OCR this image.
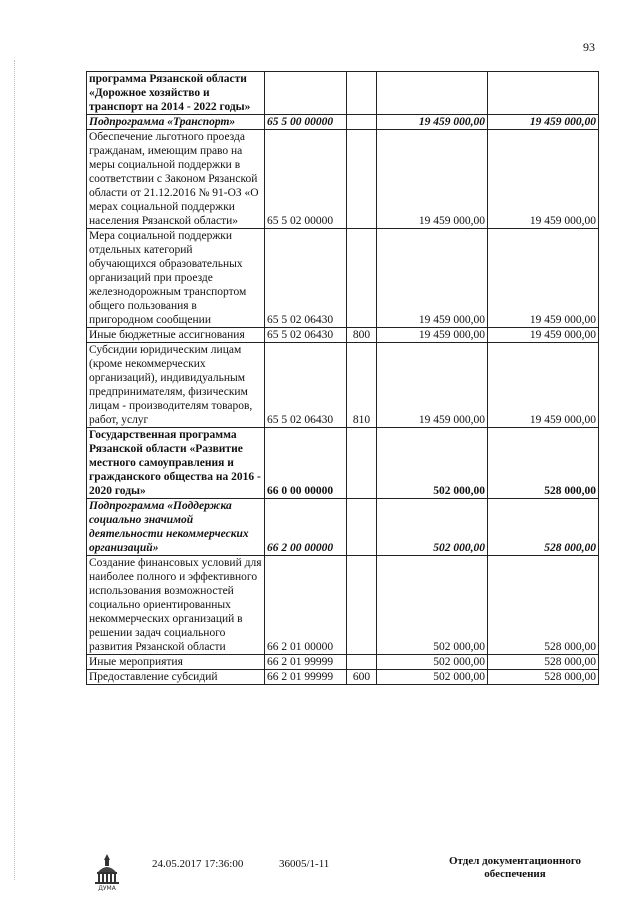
93
программа Рязанской области «Дорожное хозяйство и транспорт на 2014 - 2022 годы»				
Подпрограмма «Транспорт»	65 5 00 00000		19 459 000,00	19 459 000,00
Обеспечение льготного проезда гражданам, имеющим право на меры социальной поддержки в соответствии с Законом Рязанской области от 21.12.2016 № 91-ОЗ «О мерах социальной поддержки населения Рязанской области»	65 5 02 00000		19 459 000,00	19 459 000,00
Мера социальной поддержки отдельных категорий обучающихся образовательных организаций при проезде железнодорожным транспортом общего пользования в пригородном сообщении	65 5 02 06430		19 459 000,00	19 459 000,00
Иные бюджетные ассигнования	65 5 02 06430	800	19 459 000,00	19 459 000,00
Субсидии юридическим лицам (кроме некоммерческих организаций), индивидуальным предпринимателям, физическим лицам - производителям товаров, работ, услуг	65 5 02 06430	810	19 459 000,00	19 459 000,00
Государственная программа Рязанской области «Развитие местного самоуправления и гражданского общества на 2016 - 2020 годы»	66 0 00 00000		502 000,00	528 000,00
Подпрограмма «Поддержка социально значимой деятельности некоммерческих организаций»	66 2 00 00000		502 000,00	528 000,00
Создание финансовых условий для наиболее полного и эффективного использования возможностей социально ориентированных некоммерческих организаций в решении задач социального развития Рязанской области	66 2 01 00000		502 000,00	528 000,00
Иные мероприятия	66 2 01 99999		502 000,00	528 000,00
Предоставление субсидий	66 2 01 99999	600	502 000,00	528 000,00
ДУМА
24.05.2017 17:36:00	36005/1-11	Отдел документационного обеспечения
